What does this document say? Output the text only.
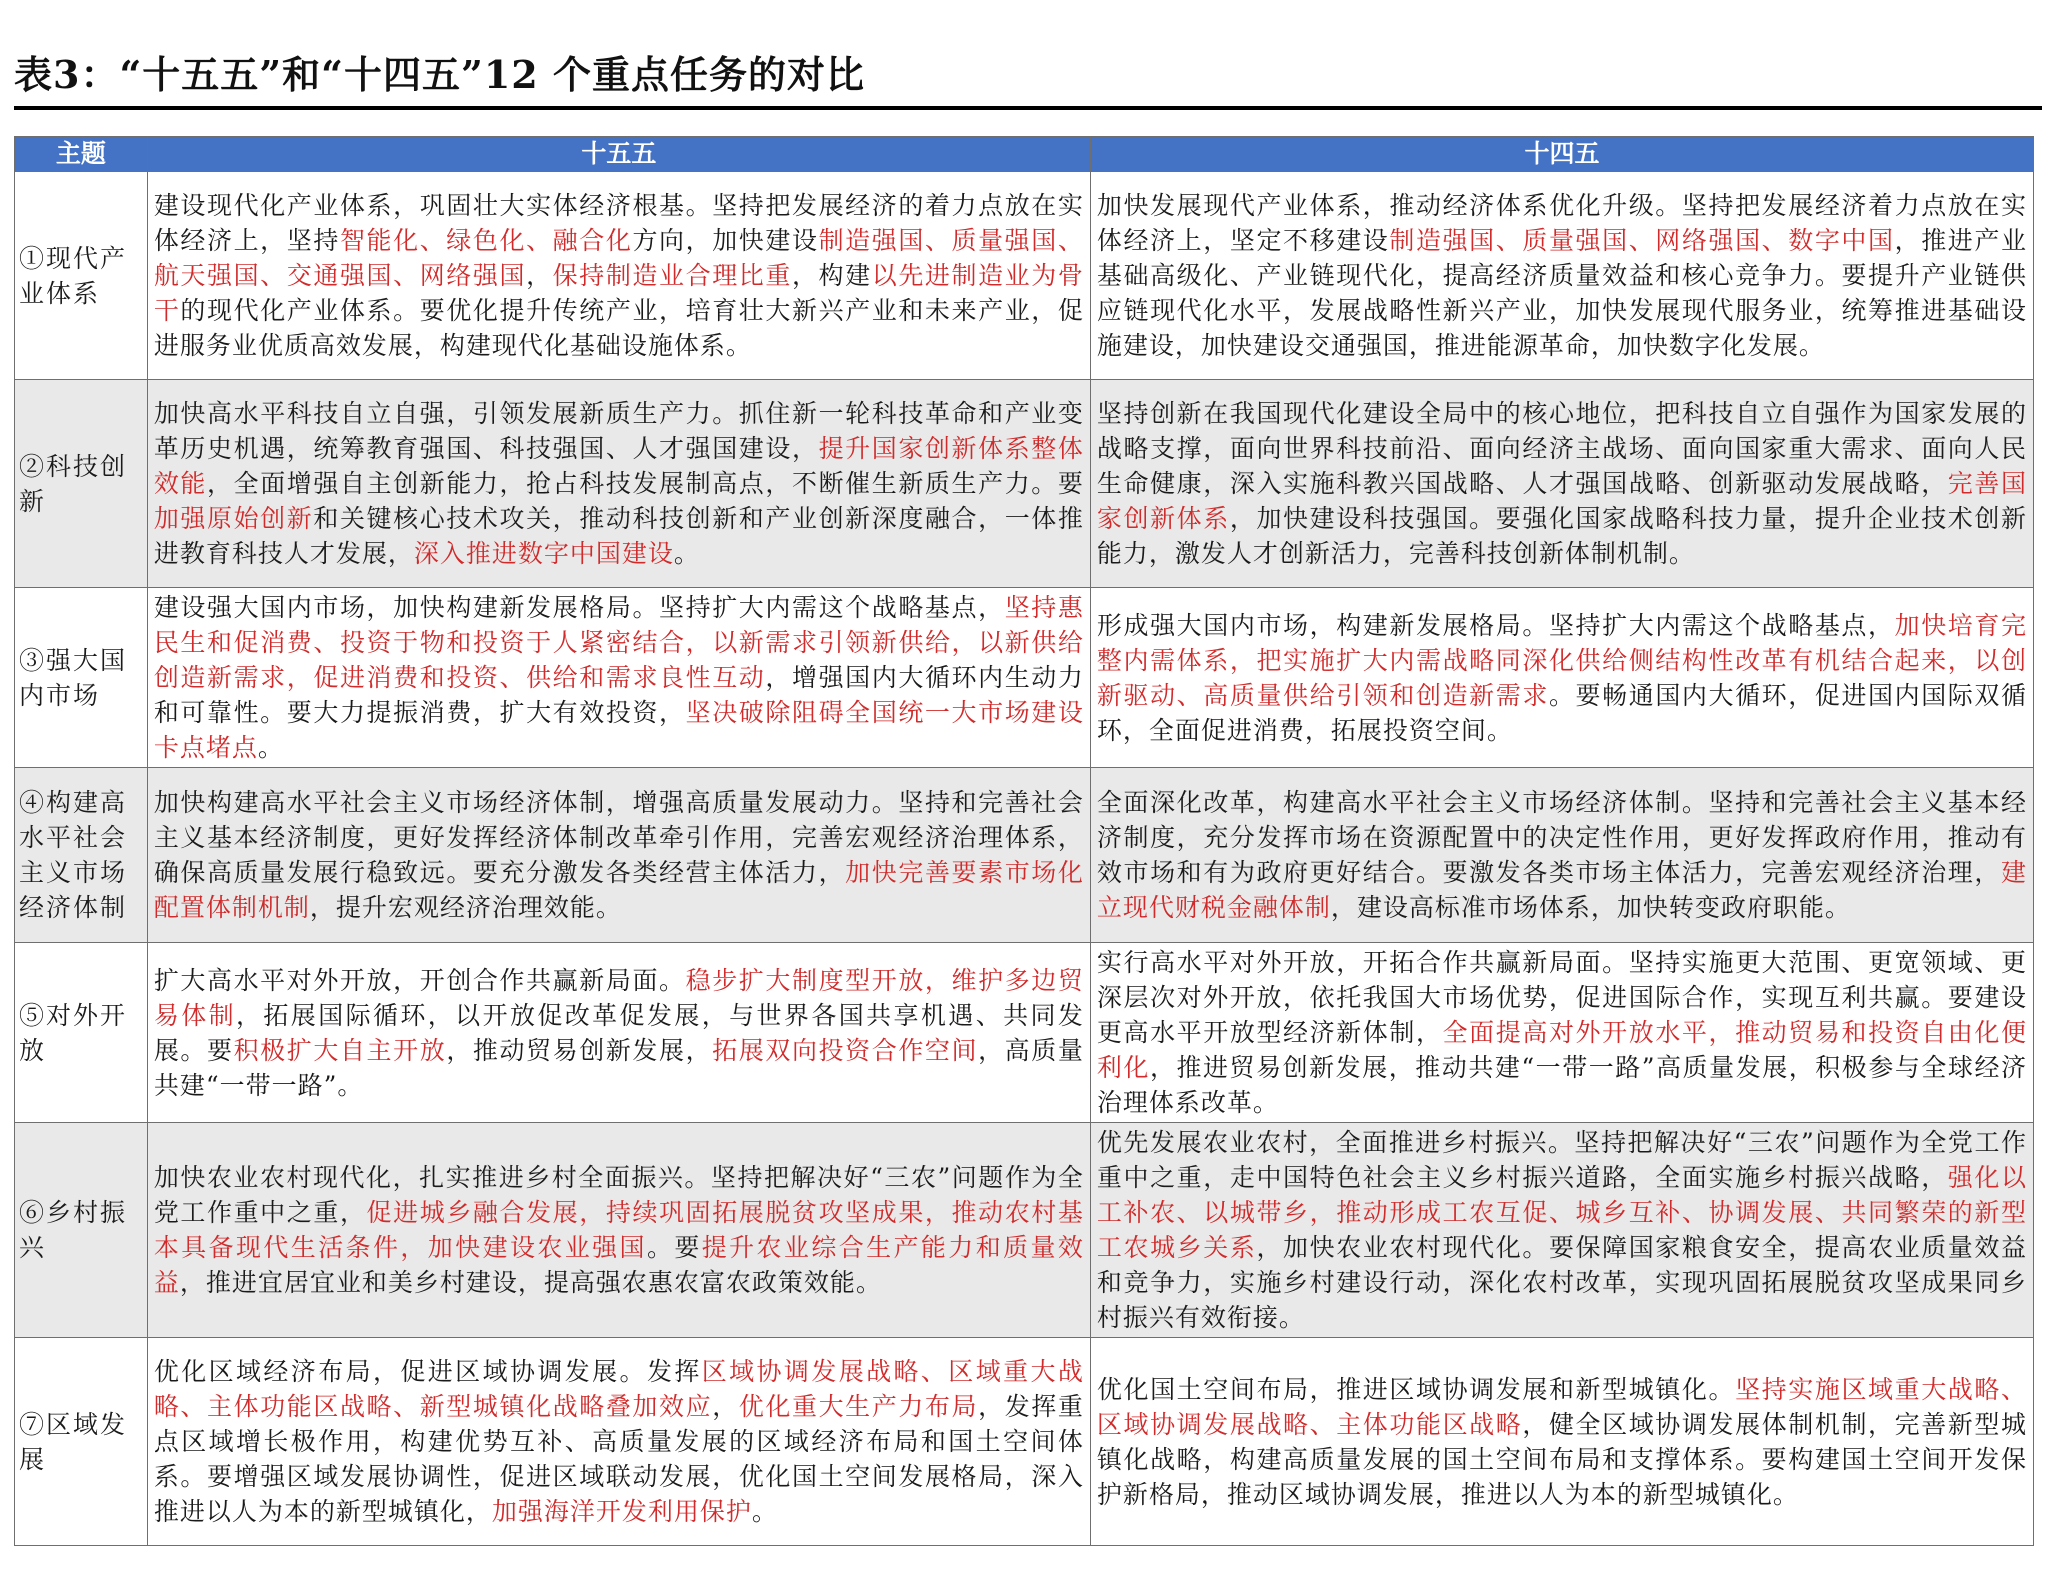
表3：“十五五”和“十四五”12 个重点任务的对比
主题	十五五	十四五
①现代产业体系	建设现代化产业体系，巩固壮大实体经济根基。坚持把发展经济的着力点放在实体经济上，坚持智能化、绿色化、融合化方向，加快建设制造强国、质量强国、航天强国、交通强国、网络强国，保持制造业合理比重，构建以先进制造业为骨干的现代化产业体系。要优化提升传统产业，培育壮大新兴产业和未来产业，促进服务业优质高效发展，构建现代化基础设施体系。	加快发展现代产业体系，推动经济体系优化升级。坚持把发展经济着力点放在实体经济上，坚定不移建设制造强国、质量强国、网络强国、数字中国，推进产业基础高级化、产业链现代化，提高经济质量效益和核心竞争力。要提升产业链供应链现代化水平，发展战略性新兴产业，加快发展现代服务业，统筹推进基础设施建设，加快建设交通强国，推进能源革命，加快数字化发展。
②科技创新	加快高水平科技自立自强，引领发展新质生产力。抓住新一轮科技革命和产业变革历史机遇，统筹教育强国、科技强国、人才强国建设，提升国家创新体系整体效能，全面增强自主创新能力，抢占科技发展制高点，不断催生新质生产力。要加强原始创新和关键核心技术攻关，推动科技创新和产业创新深度融合，一体推进教育科技人才发展，深入推进数字中国建设。	坚持创新在我国现代化建设全局中的核心地位，把科技自立自强作为国家发展的战略支撑，面向世界科技前沿、面向经济主战场、面向国家重大需求、面向人民生命健康，深入实施科教兴国战略、人才强国战略、创新驱动发展战略，完善国家创新体系，加快建设科技强国。要强化国家战略科技力量，提升企业技术创新能力，激发人才创新活力，完善科技创新体制机制。
③强大国内市场	建设强大国内市场，加快构建新发展格局。坚持扩大内需这个战略基点，坚持惠民生和促消费、投资于物和投资于人紧密结合，以新需求引领新供给，以新供给创造新需求，促进消费和投资、供给和需求良性互动，增强国内大循环内生动力和可靠性。要大力提振消费，扩大有效投资，坚决破除阻碍全国统一大市场建设卡点堵点。	形成强大国内市场，构建新发展格局。坚持扩大内需这个战略基点，加快培育完整内需体系，把实施扩大内需战略同深化供给侧结构性改革有机结合起来，以创新驱动、高质量供给引领和创造新需求。要畅通国内大循环，促进国内国际双循环，全面促进消费，拓展投资空间。
④构建高水平社会主义市场经济体制	加快构建高水平社会主义市场经济体制，增强高质量发展动力。坚持和完善社会主义基本经济制度，更好发挥经济体制改革牵引作用，完善宏观经济治理体系，确保高质量发展行稳致远。要充分激发各类经营主体活力，加快完善要素市场化配置体制机制，提升宏观经济治理效能。	全面深化改革，构建高水平社会主义市场经济体制。坚持和完善社会主义基本经济制度，充分发挥市场在资源配置中的决定性作用，更好发挥政府作用，推动有效市场和有为政府更好结合。要激发各类市场主体活力，完善宏观经济治理，建立现代财税金融体制，建设高标准市场体系，加快转变政府职能。
⑤对外开放	扩大高水平对外开放，开创合作共赢新局面。稳步扩大制度型开放，维护多边贸易体制，拓展国际循环，以开放促改革促发展，与世界各国共享机遇、共同发展。要积极扩大自主开放，推动贸易创新发展，拓展双向投资合作空间，高质量共建“一带一路”。	实行高水平对外开放，开拓合作共赢新局面。坚持实施更大范围、更宽领域、更深层次对外开放，依托我国大市场优势，促进国际合作，实现互利共赢。要建设更高水平开放型经济新体制，全面提高对外开放水平，推动贸易和投资自由化便利化，推进贸易创新发展，推动共建“一带一路”高质量发展，积极参与全球经济治理体系改革。
⑥乡村振兴	加快农业农村现代化，扎实推进乡村全面振兴。坚持把解决好“三农”问题作为全党工作重中之重，促进城乡融合发展，持续巩固拓展脱贫攻坚成果，推动农村基本具备现代生活条件，加快建设农业强国。要提升农业综合生产能力和质量效益，推进宜居宜业和美乡村建设，提高强农惠农富农政策效能。	优先发展农业农村，全面推进乡村振兴。坚持把解决好“三农”问题作为全党工作重中之重，走中国特色社会主义乡村振兴道路，全面实施乡村振兴战略，强化以工补农、以城带乡，推动形成工农互促、城乡互补、协调发展、共同繁荣的新型工农城乡关系，加快农业农村现代化。要保障国家粮食安全，提高农业质量效益和竞争力，实施乡村建设行动，深化农村改革，实现巩固拓展脱贫攻坚成果同乡村振兴有效衔接。
⑦区域发展	优化区域经济布局，促进区域协调发展。发挥区域协调发展战略、区域重大战略、主体功能区战略、新型城镇化战略叠加效应，优化重大生产力布局，发挥重点区域增长极作用，构建优势互补、高质量发展的区域经济布局和国土空间体系。要增强区域发展协调性，促进区域联动发展，优化国土空间发展格局，深入推进以人为本的新型城镇化，加强海洋开发利用保护。	优化国土空间布局，推进区域协调发展和新型城镇化。坚持实施区域重大战略、区域协调发展战略、主体功能区战略，健全区域协调发展体制机制，完善新型城镇化战略，构建高质量发展的国土空间布局和支撑体系。要构建国土空间开发保护新格局，推动区域协调发展，推进以人为本的新型城镇化。
